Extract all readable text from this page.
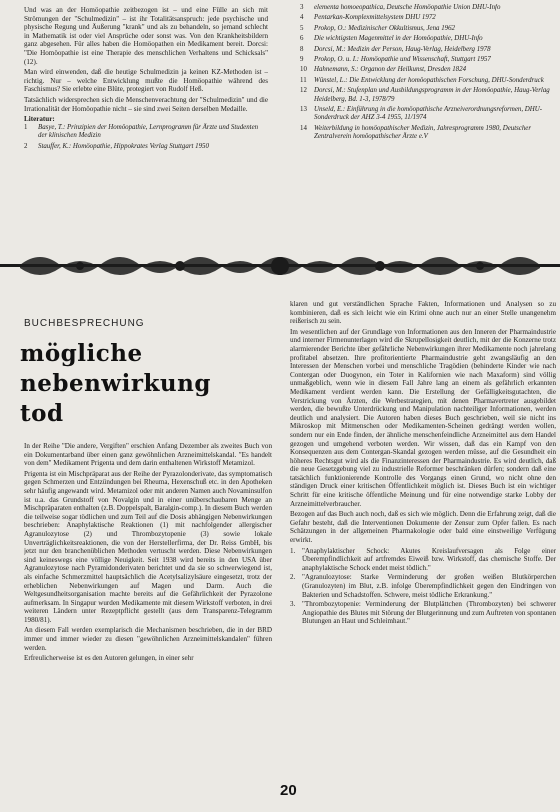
Und was an der Homöopathie zeitbezogen ist – und eine Fülle an sich mit Strömungen der "Schulmedizin" – ist ihr Totalitätsanspruch: jede psychische und physische Regung und Äußerung "krank" und als zu behandeln, so jemand schlecht in Mathematik ist oder viel Ansprüche oder sonst was. Von den Krankheitsbildern ganz abgesehen. Für alles haben die Homöopathen ein Medikament bereit. Dorcsi: "Die Homöopathie ist eine Therapie des menschlichen Verhaltens und Schicksals" (12).
Man wird einwenden, daß die heutige Schulmedizin ja keinen KZ-Methoden ist – richtig. Nur – welche Entwicklung mußte die Homöopathie während des Faschismus? Sie erlebte eine Blüte, protegiert von Rudolf Heß.
Tatsächlich widersprechen sich die Menschenverachtung der "Schulmedizin" und die Irrationalität der Homöopathie nicht – sie sind zwei Seiten derselben Medaille.
Literatur:
1	Basye, T.: Prinzipien der Homöopathie, Lernprogramm für Ärzte und Studenten der klinischen Medizin
2	Stauffer, K.: Homöopathie, Hippokrates Verlag Stuttgart 1950
3	elementa homoeopathica, Deutsche Homöopathie Union DHU-Info
4	Pentarkan-Komplexmittelsystem DHU 1972
5	Prokop, O.: Medizinischer Okkultismus, Jena 1962
6	Die wichtigsten Magenmittel in der Homöopathie, DHU-Info
8	Dorcsi, M.: Medizin der Person, Haug-Verlag, Heidelberg 1978
9	Prokop, O. u. I.: Homöopathie und Wissenschaft, Stuttgart 1957
10	Hahnemann, S.: Organon der Heilkunst, Dresden 1824
11	Wünstel, L.: Die Entwicklung der homöopathischen Forschung, DHU-Sonderdruck
12	Dorcsi, M.: Stufenplan und Ausbildungsprogramm in der Homöopathie, Haug-Verlag Heidelberg, Bd. 1-3, 1978/79
13	Unseld, E.: Einführung in die homöopathische Arzneiverordnungsreformen, DHU-Sonderdruck der AHZ 3-4 1955, 11/1974
14	Weiterbildung in homöopathischer Medizin, Jahresprogramm 1980, Deutscher Zentralverein homöopathischer Ärzte e.V
BUCHBESPRECHUNG
mögliche
nebenwirkung
tod
In der Reihe "Die andere, Vergiften" erschien Anfang Dezember als zweites Buch von ein Dokumentarband über einen ganz gewöhnlichen Arzneimittelskandal. "Es handelt von dem" Medikament Prigenta und dem darin enthaltenen Wirkstoff Metamizol.
Prigenta ist ein Mischpräparat aus der Reihe der Pyrazolonderivate, das symptomatisch gegen Schmerzen und Entzündungen bei Rheuma, Hexenschuß etc. in den Apotheken sehr häufig angewandt wird. Metamizol oder mit anderen Namen auch Novaminsulfon ist u.a. das Grundstoff von Novalgin und in einer unüberschaubaren Menge an Mischpräparaten enthalten (z.B. Doppelspalt, Baralgin-comp.). In diesem Buch werden die teilweise sogar tödlichen und zum Teil auf die Dosis abhängigen Nebenwirkungen beschrieben: Anaphylaktische Reaktionen (1) mit nachfolgender allergischer Agranulozytose (2) und Thrombozytopenie (3) sowie lokale Unverträglichkeitsreaktionen, die von der Herstellerfirma, der Dr. Reiss GmbH, bis jetzt nur den branchenüblichen Methoden vertuscht werden. Diese Nebenwirkungen sind keineswegs eine völlige Neuigkeit. Seit 1938 wird bereits in den USA über Agranulozytose nach Pyramidonderivaten berichtet und da sie so schwerwiegend ist, als einfache Schmerzmittel hauptsächlich die Acetylsalizylsäure eingesetzt, trotz der erheblichen Nebenwirkungen auf Magen und Darm. Auch die Weltgesundheitsorganisation machte bereits auf die Gefährlichkeit der Pyrazolone aufmerksam. In Singapur wurden Medikamente mit diesem Wirkstoff verboten, in drei weiteren Ländern unter Rezeptpflicht gestellt (aus dem Transparenz-Telegramm 1980/81).
An diesem Fall werden exemplarisch die Mechanismen beschrieben, die in der BRD immer und immer wieder zu diesen "gewöhnlichen Arzneimittelskandalen" führen werden.
Erfreulicherweise ist es den Autoren gelungen, in einer sehr
klaren und gut verständlichen Sprache Fakten, Informationen und Analysen so zu kombinieren, daß es sich leicht wie ein Krimi ohne auch nur an einer Stelle unangenehm reißerisch zu sein.
Im wesentlichen auf der Grundlage von Informationen aus den Inneren der Pharmaindustrie und interner Firmenunterlagen wird die Skrupellosigkeit deutlich, mit der die Konzerne trotz alarmierender Berichte über gefährliche Nebenwirkungen ihrer Medikamente noch jahrelang profitabel absetzen. Ihre profitorientierte Pharmaindustrie geht zwangsläufig an den Interessen der Menschen vorbei und menschliche Tragödien (behinderte Kinder wie nach Contergan oder Duogynon, ein Toter in Kalifornien wie nach Maxaform) sind völlig unmaßgeblich, wenn wie in diesem Fall Jahre lang an einem als gefährlich erkannten Medikament verdient werden kann. Die Erstellung der Gefälligkeitsgutachten, die Verstrickung von Ärzten, die Werbestrategien, mit denen Pharmavertreter ausgebildet werden, die bewußte Unterdrückung und Manipulation nachteiliger Informationen, werden deutlich und analysiert. Die Autoren haben dieses Buch geschrieben, weil sie nicht ins Mikroskop mit Mitmenschen oder Medikamenten-Scheinen gedrängt werden wollen, sondern nur ein Ende finden, der ähnliche menschenfeindliche Arzneimittel aus dem Handel gezogen und umgehend verboten werden. Wir wissen, daß das ein Kampf von den Konsequenzen aus dem Contergan-Skandal gezogen werden müsse, auf die Gesundheit ein höheres Rechtsgut wird als die Finanzinteressen der Pharmaindustrie. Es wird deutlich, daß die neue Gesetzgebung viel zu industrielle Reformer beschränken dürfen; sondern daß eine tatsächlich funktionierende Kontrolle des Vorgangs einen Grund, wo nicht ohne den ständigen Druck einer kritischen Öffentlichkeit möglich ist. Dieses Buch ist ein wichtiger Schritt für eine kritische öffentliche Meinung und für eine notwendige starke Lobby der Arzneimittelverbraucher.
Bezogen auf das Buch auch noch, daß es sich wie möglich. Denn die Erfahrung zeigt, daß die Gefahr besteht, daß die Interventionen Dokumente der Zensur zum Opfer fallen. Es nach Schätzungen in der allgemeinen Pharmakologie oder bald eine einstweilige Verfügung erwirkt.
1. "Anaphylaktischer Schock: Akutes Kreislaufversagen als Folge einer Überempfindlichkeit auf artfremdes Eiweiß bzw. Wirkstoff, das chemische Stoffe. Der anaphylaktische Schock endet meist tödlich."
2. "Agranulozytose: Starke Verminderung der großen weißen Blutkörperchen (Granulozyten) im Blut, z.B. infolge Überempfindlichkeit gegen den Eindringen von Bakterien und Schadstoffen. Schwere, meist tödliche Erkrankung."
3. "Thrombozytopenie: Verminderung der Blutplättchen (Thrombozyten) bei schwerer Angiopathie des Blutes mit Störung der Blutgerinnung und zum Auftreten von spontanen Blutungen an Haut und Schleimhaut."
20
